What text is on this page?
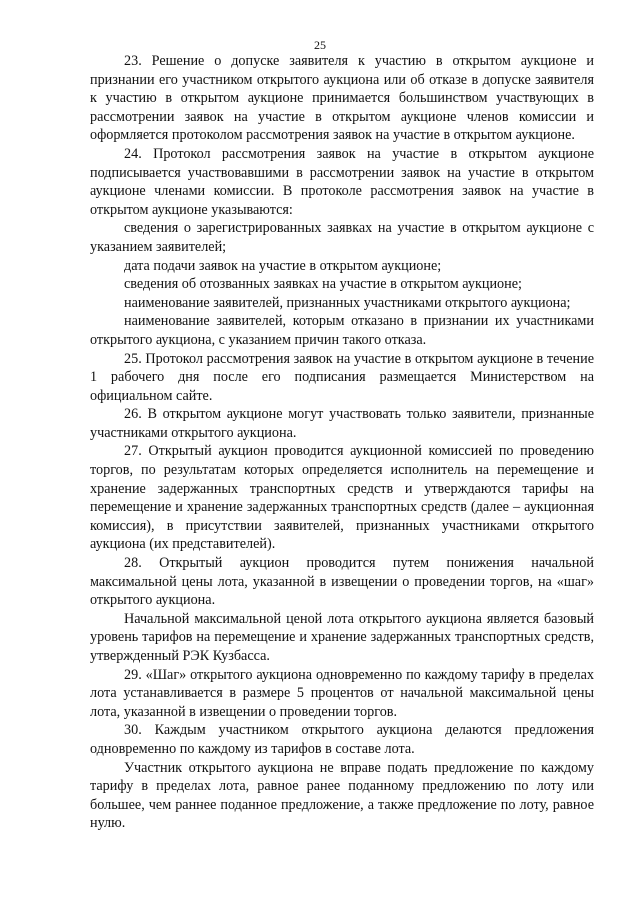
25

23. Решение о допуске заявителя к участию в открытом аукционе и признании его участником открытого аукциона или об отказе в допуске заявителя к участию в открытом аукционе принимается большинством участвующих в рассмотрении заявок на участие в открытом аукционе членов комиссии и оформляется протоколом рассмотрения заявок на участие в открытом аукционе.

24. Протокол рассмотрения заявок на участие в открытом аукционе подписывается участвовавшими в рассмотрении заявок на участие в открытом аукционе членами комиссии. В протоколе рассмотрения заявок на участие в открытом аукционе указываются:

сведения о зарегистрированных заявках на участие в открытом аукционе с указанием заявителей;

дата подачи заявок на участие в открытом аукционе;

сведения об отозванных заявках на участие в открытом аукционе;

наименование заявителей, признанных участниками открытого аукциона;

наименование заявителей, которым отказано в признании их участниками открытого аукциона, с указанием причин такого отказа.

25. Протокол рассмотрения заявок на участие в открытом аукционе в течение 1 рабочего дня после его подписания размещается Министерством на официальном сайте.

26. В открытом аукционе могут участвовать только заявители, признанные участниками открытого аукциона.

27. Открытый аукцион проводится аукционной комиссией по проведению торгов, по результатам которых определяется исполнитель на перемещение и хранение задержанных транспортных средств и утверждаются тарифы на перемещение и хранение задержанных транспортных средств (далее – аукционная комиссия), в присутствии заявителей, признанных участниками открытого аукциона (их представителей).

28. Открытый аукцион проводится путем понижения начальной максимальной цены лота, указанной в извещении о проведении торгов, на «шаг» открытого аукциона.

Начальной максимальной ценой лота открытого аукциона является базовый уровень тарифов на перемещение и хранение задержанных транспортных средств, утвержденный РЭК Кузбасса.

29. «Шаг» открытого аукциона одновременно по каждому тарифу в пределах лота устанавливается в размере 5 процентов от начальной максимальной цены лота, указанной в извещении о проведении торгов.

30. Каждым участником открытого аукциона делаются предложения одновременно по каждому из тарифов в составе лота.

Участник открытого аукциона не вправе подать предложение по каждому тарифу в пределах лота, равное ранее поданному предложению по лоту или большее, чем раннее поданное предложение, а также предложение по лоту, равное нулю.
